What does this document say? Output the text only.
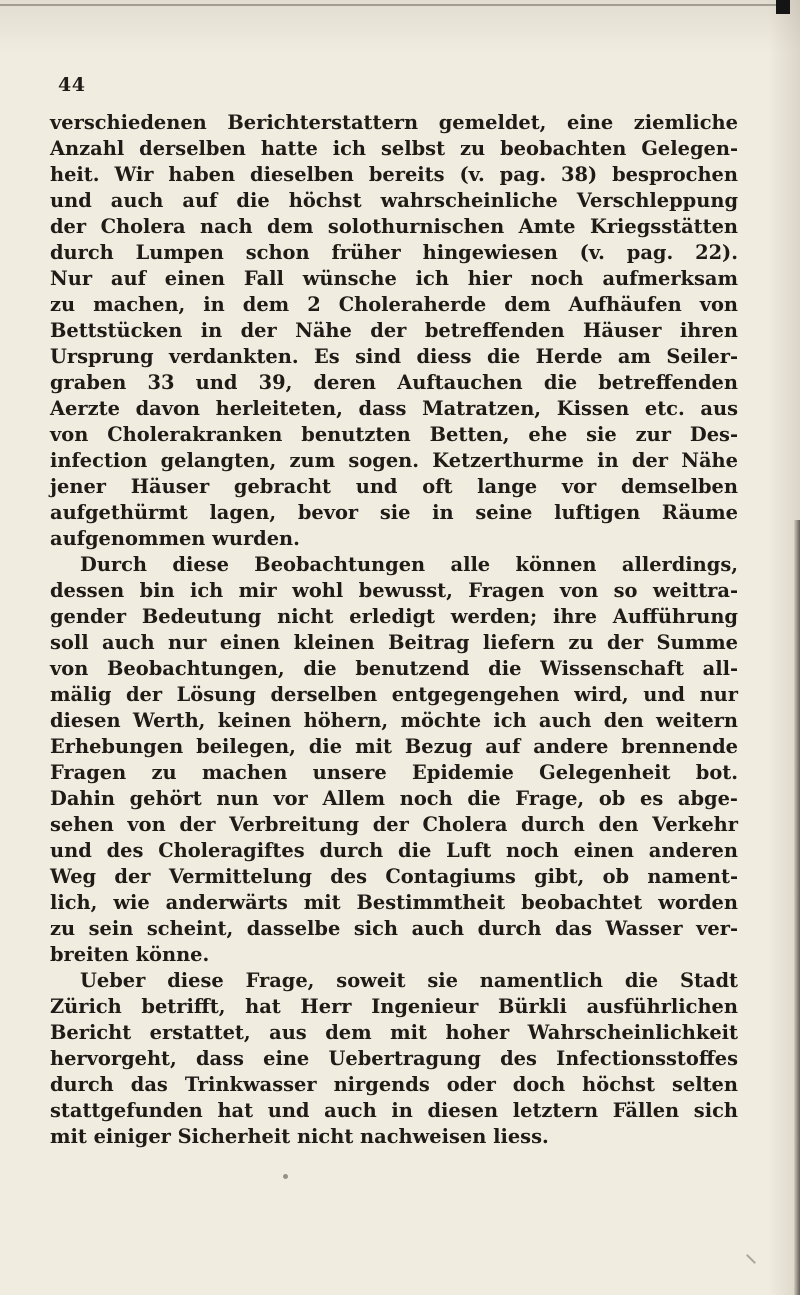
44
verschiedenen Berichterstattern gemeldet, eine ziemliche
Anzahl derselben hatte ich selbst zu beobachten Gelegen-
heit. Wir haben dieselben bereits (v. pag. 38) besprochen
und auch auf die höchst wahrscheinliche Verschleppung
der Cholera nach dem solothurnischen Amte Kriegsstätten
durch Lumpen schon früher hingewiesen (v. pag. 22).
Nur auf einen Fall wünsche ich hier noch aufmerksam
zu machen, in dem 2 Choleraherde dem Aufhäufen von
Bettstücken in der Nähe der betreffenden Häuser ihren
Ursprung verdankten. Es sind diess die Herde am Seiler-
graben 33 und 39, deren Auftauchen die betreffenden
Aerzte davon herleiteten, dass Matratzen, Kissen etc. aus
von Cholerakranken benutzten Betten, ehe sie zur Des-
infection gelangten, zum sogen. Ketzerthurme in der Nähe
jener Häuser gebracht und oft lange vor demselben
aufgethürmt lagen, bevor sie in seine luftigen Räume
aufgenommen wurden.
Durch diese Beobachtungen alle können allerdings,
dessen bin ich mir wohl bewusst, Fragen von so weittra-
gender Bedeutung nicht erledigt werden; ihre Aufführung
soll auch nur einen kleinen Beitrag liefern zu der Summe
von Beobachtungen, die benutzend die Wissenschaft all-
mälig der Lösung derselben entgegengehen wird, und nur
diesen Werth, keinen höhern, möchte ich auch den weitern
Erhebungen beilegen, die mit Bezug auf andere brennende
Fragen zu machen unsere Epidemie Gelegenheit bot.
Dahin gehört nun vor Allem noch die Frage, ob es abge-
sehen von der Verbreitung der Cholera durch den Verkehr
und des Choleragiftes durch die Luft noch einen anderen
Weg der Vermittelung des Contagiums gibt, ob nament-
lich, wie anderwärts mit Bestimmtheit beobachtet worden
zu sein scheint, dasselbe sich auch durch das Wasser ver-
breiten könne.
Ueber diese Frage, soweit sie namentlich die Stadt
Zürich betrifft, hat Herr Ingenieur Bürkli ausführlichen
Bericht erstattet, aus dem mit hoher Wahrscheinlichkeit
hervorgeht, dass eine Uebertragung des Infectionsstoffes
durch das Trinkwasser nirgends oder doch höchst selten
stattgefunden hat und auch in diesen letztern Fällen sich
mit einiger Sicherheit nicht nachweisen liess.
